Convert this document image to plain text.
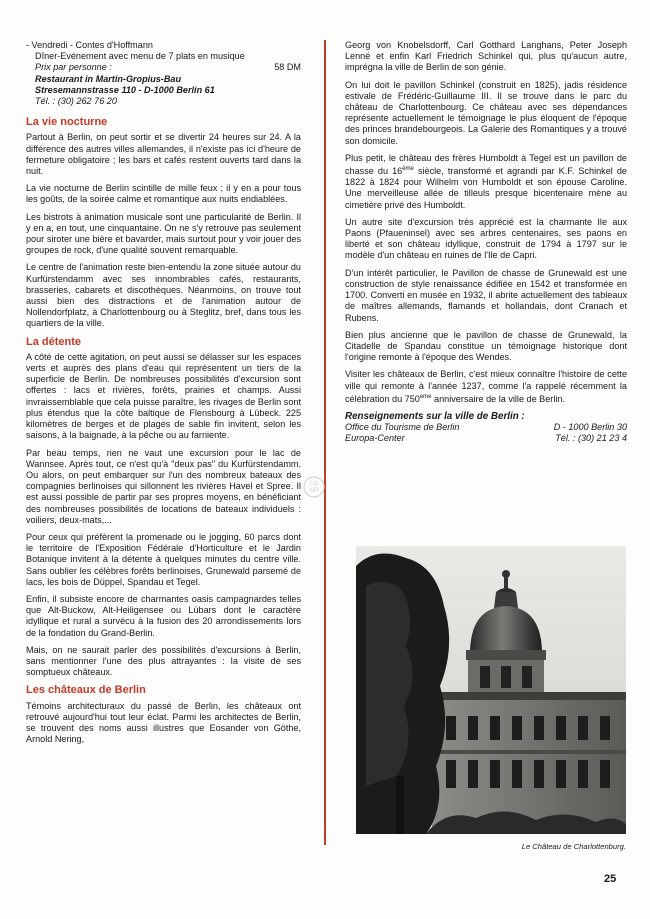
- Vendredi - Contes d'Hoffmann
Dîner-Evénement avec menu de 7 plats en musique
Prix par personne :	58 DM
Restaurant in Martin-Gropius-Bau
Stresemannstrasse 110 - D-1000 Berlin 61
Tél. : (30) 262 76 20
La vie nocturne

Partout à Berlin, on peut sortir et se divertir 24 heures sur 24. A la différence des autres villes allemandes, il n'existe pas ici d'heure de fermeture obligatoire ; les bars et cafés restent ouverts tard dans la nuit.

La vie nocturne de Berlin scintille de mille feux ; il y en a pour tous les goûts, de la soirée calme et romantique aux nuits endiablées.

Les bistrots à animation musicale sont une particularité de Berlin. Il y en a, en tout, une cinquantaine. On ne s'y retrouve pas seulement pour siroter une bière et bavarder, mais surtout pour y voir jouer des groupes de rock, d'une qualité souvent remarquable.

Le centre de l'animation reste bien-entendu la zone située autour du Kurfürstendamm avec ses innombrables cafés, restaurants, brasseries, cabarets et discothèques. Néanmoins, on trouve tout aussi bien des distractions et de l'animation autour de Nollendorfplatz, à Charlottenbourg ou à Steglitz, bref, dans tous les quartiers de la ville.

La détente

A côté de cette agitation, on peut aussi se délasser sur les espaces verts et auprès des plans d'eau qui représentent un tiers de la superficie de Berlin. De nombreuses possibilités d'excursion sont offertes : lacs et rivières, forêts, prairies et champs. Aussi invraissemblable que cela puisse paraître, les rivages de Berlin sont plus étendus que la côte baltique de Flensbourg à Lübeck. 225 kilomètres de berges et de plages de sable fin invitent, selon les saisons, à la baignade, à la pêche ou au farniente.

Par beau temps, rien ne vaut une excursion pour le lac de Wannsee. Après tout, ce n'est qu'à "deux pas" du Kurfürstendamm. Ou alors, on peut embarquer sur l'un des nombreux bateaux des compagnies berlinoises qui sillonnent les rivières Havel et Spree. Il est aussi possible de partir par ses propres moyens, en bénéficiant des nombreuses possibilités de locations de bateaux individuels : voiliers, deux-mats,...

Pour ceux qui préfèrent la promenade ou le jogging, 60 parcs dont le territoire de l'Exposition Fédérale d'Horticulture et le Jardin Botanique invitent à la détente à quelques minutes du centre ville. Sans oublier les célèbres forêts berlinoises, Grunewald parsemé de lacs, les bois de Düppel, Spandau et Tegel.

Enfin, il subsiste encore de charmantes oasis campagnardes telles que Alt-Buckow, Alt-Heiligensee ou Lübars dont le caractère idyllique et rural a survécu à la fusion des 20 arrondissements lors de la fondation du Grand-Berlin.

Mais, on ne saurait parler des possibilités d'excursions à Berlin, sans mentionner l'une des plus attrayantes : la visite de ses somptueux châteaux.

Les châteaux de Berlin

Témoins architecturaux du passé de Berlin, les châteaux ont retrouvé aujourd'hui tout leur éclat. Parmi les architectes de Berlin, se trouvent des noms aussi illustres que Eosander von Göthe, Arnold Nering,

Georg von Knobelsdorff, Carl Gotthard Langhans, Peter Joseph Lenné et enfin Karl Friedrich Schinkel qui, plus qu'aucun autre, imprégna la ville de Berlin de son génie.

On lui doit le pavillon Schinkel (construit en 1825), jadis résidence estivale de Frédéric-Guillaume III. Il se trouve dans le parc du château de Charlottenbourg. Ce château avec ses dépendances représente actuellement le témoignage le plus éloquent de l'époque des princes brandebourgeois. La Galerie des Romantiques y a trouvé son domicile.

Plus petit, le château des frères Humboldt à Tegel est un pavillon de chasse du 16ème siècle, transformé et agrandi par K.F. Schinkel de 1822 à 1824 pour Wilhelm von Humboldt et son épouse Caroline. Une merveilleuse allée de tilleuls presque bicentenaire mène au cimetière privé des Humboldt.

Un autre site d'excursion très apprécié est la charmante Ile aux Paons (Pfaueninsel) avec ses arbres centenaires, ses paons en liberté et son château idyllique, construit de 1794 à 1797 sur le modèle d'un château en ruines de l'Ile de Capri.

D'un intérêt particulier, le Pavillon de chasse de Grunewald est une construction de style renaissance édifiée en 1542 et transformée en 1700. Converti en musée en 1932, il abrite actuellement des tableaux de maîtres allemands, flamands et hollandais, dont Cranach et Rubens.

Bien plus ancienne que le pavillon de chasse de Grunewald, la Citadelle de Spandau constitue un témoignage historique dont l'origine remonte à l'époque des Wendes.

Visiter les châteaux de Berlin, c'est mieux connaître l'histoire de cette ville qui remonte à l'année 1237, comme l'a rappelé récemment la célébration du 750eme anniversaire de la ville de Berlin.

Renseignements sur la ville de Berlin :
Office du Tourisme de Berlin	D - 1000 Berlin 30
Europa-Center	Tél. : (30) 21 23 4
Le Château de Charlottenburg.
25
LG
UP
